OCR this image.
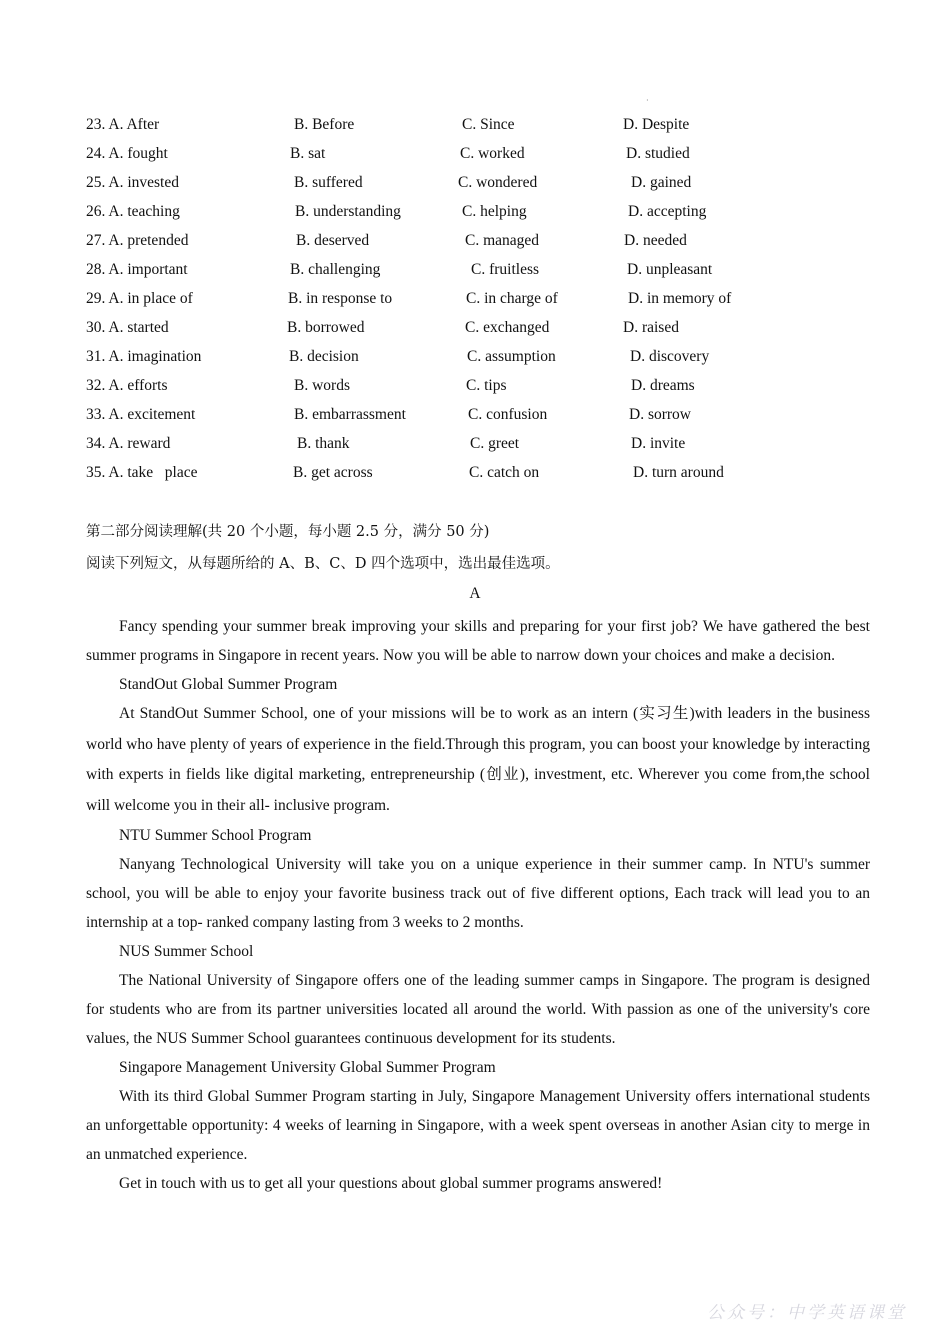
·
23. A. After	B. Before	C. Since	D. Despite
24. A. fought	B. sat	C. worked	D. studied
25. A. invested	B. suffered	C. wondered	D. gained
26. A. teaching	B. understanding	C. helping	D. accepting
27. A. pretended	B. deserved	C. managed	D. needed
28. A. important	B. challenging	C. fruitless	D. unpleasant
29. A. in place of	B. in response to	C. in charge of	D. in memory of
30. A. started	B. borrowed	C. exchanged	D. raised
31. A. imagination	B. decision	C. assumption	D. discovery
32. A. efforts	B. words	C. tips	D. dreams
33. A. excitement	B. embarrassment	C. confusion	D. sorrow
34. A. reward	B. thank	C. greet	D. invite
35. A. take   place	B. get across	C. catch on	D. turn around
第二部分阅读理解(共 20 个小题，每小题 2.5 分，满分 50 分)
阅读下列短文，从每题所给的 A、B、C、D 四个选项中，选出最佳选项。
A

Fancy spending your summer break improving your skills and preparing for your first job? We have gathered the best summer programs in Singapore in recent years. Now you will be able to narrow down your choices and make a decision.

StandOut Global Summer Program

At StandOut Summer School, one of your missions will be to work as an intern (实习生)with leaders in the business world who have plenty of years of experience in the field.Through this program, you can boost your knowledge by interacting with experts in fields like digital marketing, entrepreneurship (创业), investment, etc. Wherever you come from,the school will welcome you in their all- inclusive program.

NTU Summer School Program

Nanyang Technological University will take you on a unique experience in their summer camp. In NTU's summer school, you will be able to enjoy your favorite business track out of five different options, Each track will lead you to an internship at a top- ranked company lasting from 3 weeks to 2 months.

NUS Summer School

The National University of Singapore offers one of the leading summer camps in Singapore. The program is designed for students who are from its partner universities located all around the world. With passion as one of the university's core values, the NUS Summer School guarantees continuous development for its students.

Singapore Management University Global Summer Program

With its third Global Summer Program starting in July, Singapore Management University offers international students an unforgettable opportunity: 4 weeks of learning in Singapore, with a week spent overseas in another Asian city to merge in an unmatched experience.

Get in touch with us to get all your questions about global summer programs answered!

公众号：中学英语课堂
